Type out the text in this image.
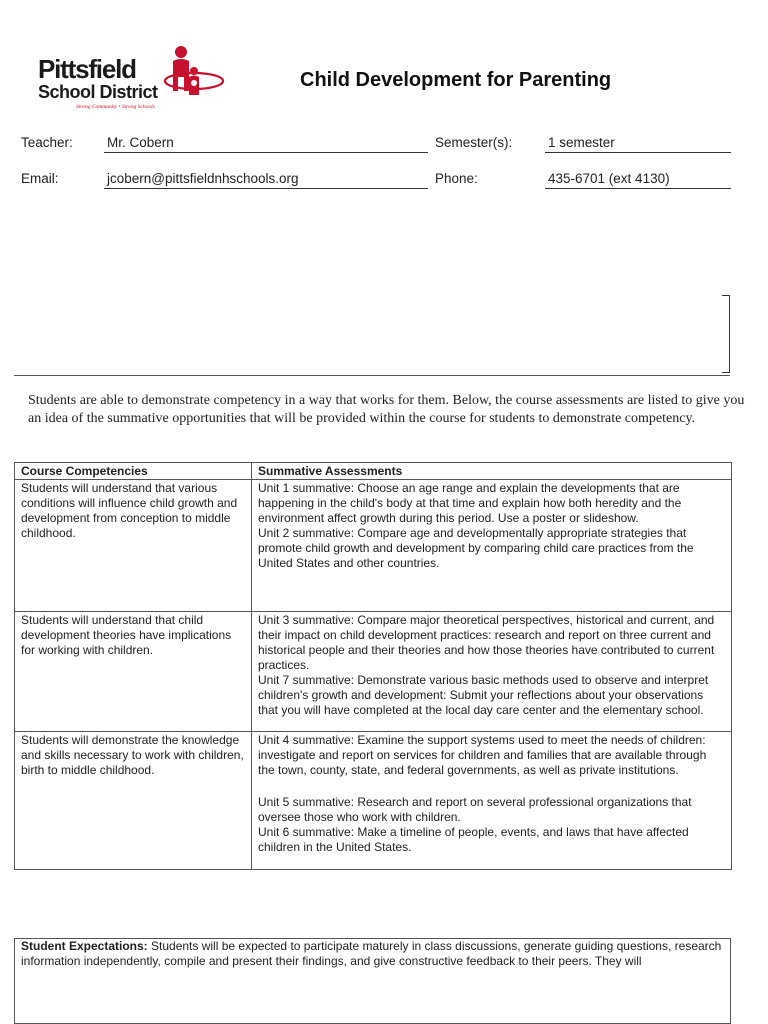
Pittsfield
School District
Strong Community • Strong Schools
Child Development for Parenting
Teacher:	Mr. Cobern	Semester(s):	1 semester
Email:	jcobern@pittsfieldnhschools.org	Phone:	435-6701 (ext 4130)
Students are able to demonstrate competency in a way that works for them. Below, the course assessments are listed to give you an idea of the summative opportunities that will be provided within the course for students to demonstrate competency.
Course Competencies	Summative Assessments
Students will understand that various conditions will influence child growth and development from conception to middle childhood.	Unit 1 summative: Choose an age range and explain the developments that are happening in the child's body at that time and explain how both heredity and the environment affect growth during this period. Use a poster or slideshow.

Unit 2 summative: Compare age and developmentally appropriate strategies that promote child growth and development by comparing child care practices from the United States and other countries.

Students will understand that child development theories have implications for working with children.	Unit 3 summative: Compare major theoretical perspectives, historical and current, and their impact on child development practices: research and report on three current and historical people and their theories and how those theories have contributed to current practices.

Unit 7 summative: Demonstrate various basic methods used to observe and interpret children's growth and development: Submit your reflections about your observations that you will have completed at the local day care center and the elementary school.

Students will demonstrate the knowledge and skills necessary to work with children, birth to middle childhood.	Unit 4 summative: Examine the support systems used to meet the needs of children: investigate and report on services for children and families that are available through the town, county, state, and federal governments, as well as private institutions.

Unit 5 summative: Research and report on several professional organizations that oversee those who work with children.

Unit 6 summative: Make a timeline of people, events, and laws that have affected children in the United States.

Student Expectations: Students will be expected to participate maturely in class discussions, generate guiding questions, research information independently, compile and present their findings, and give constructive feedback to their peers. They will
